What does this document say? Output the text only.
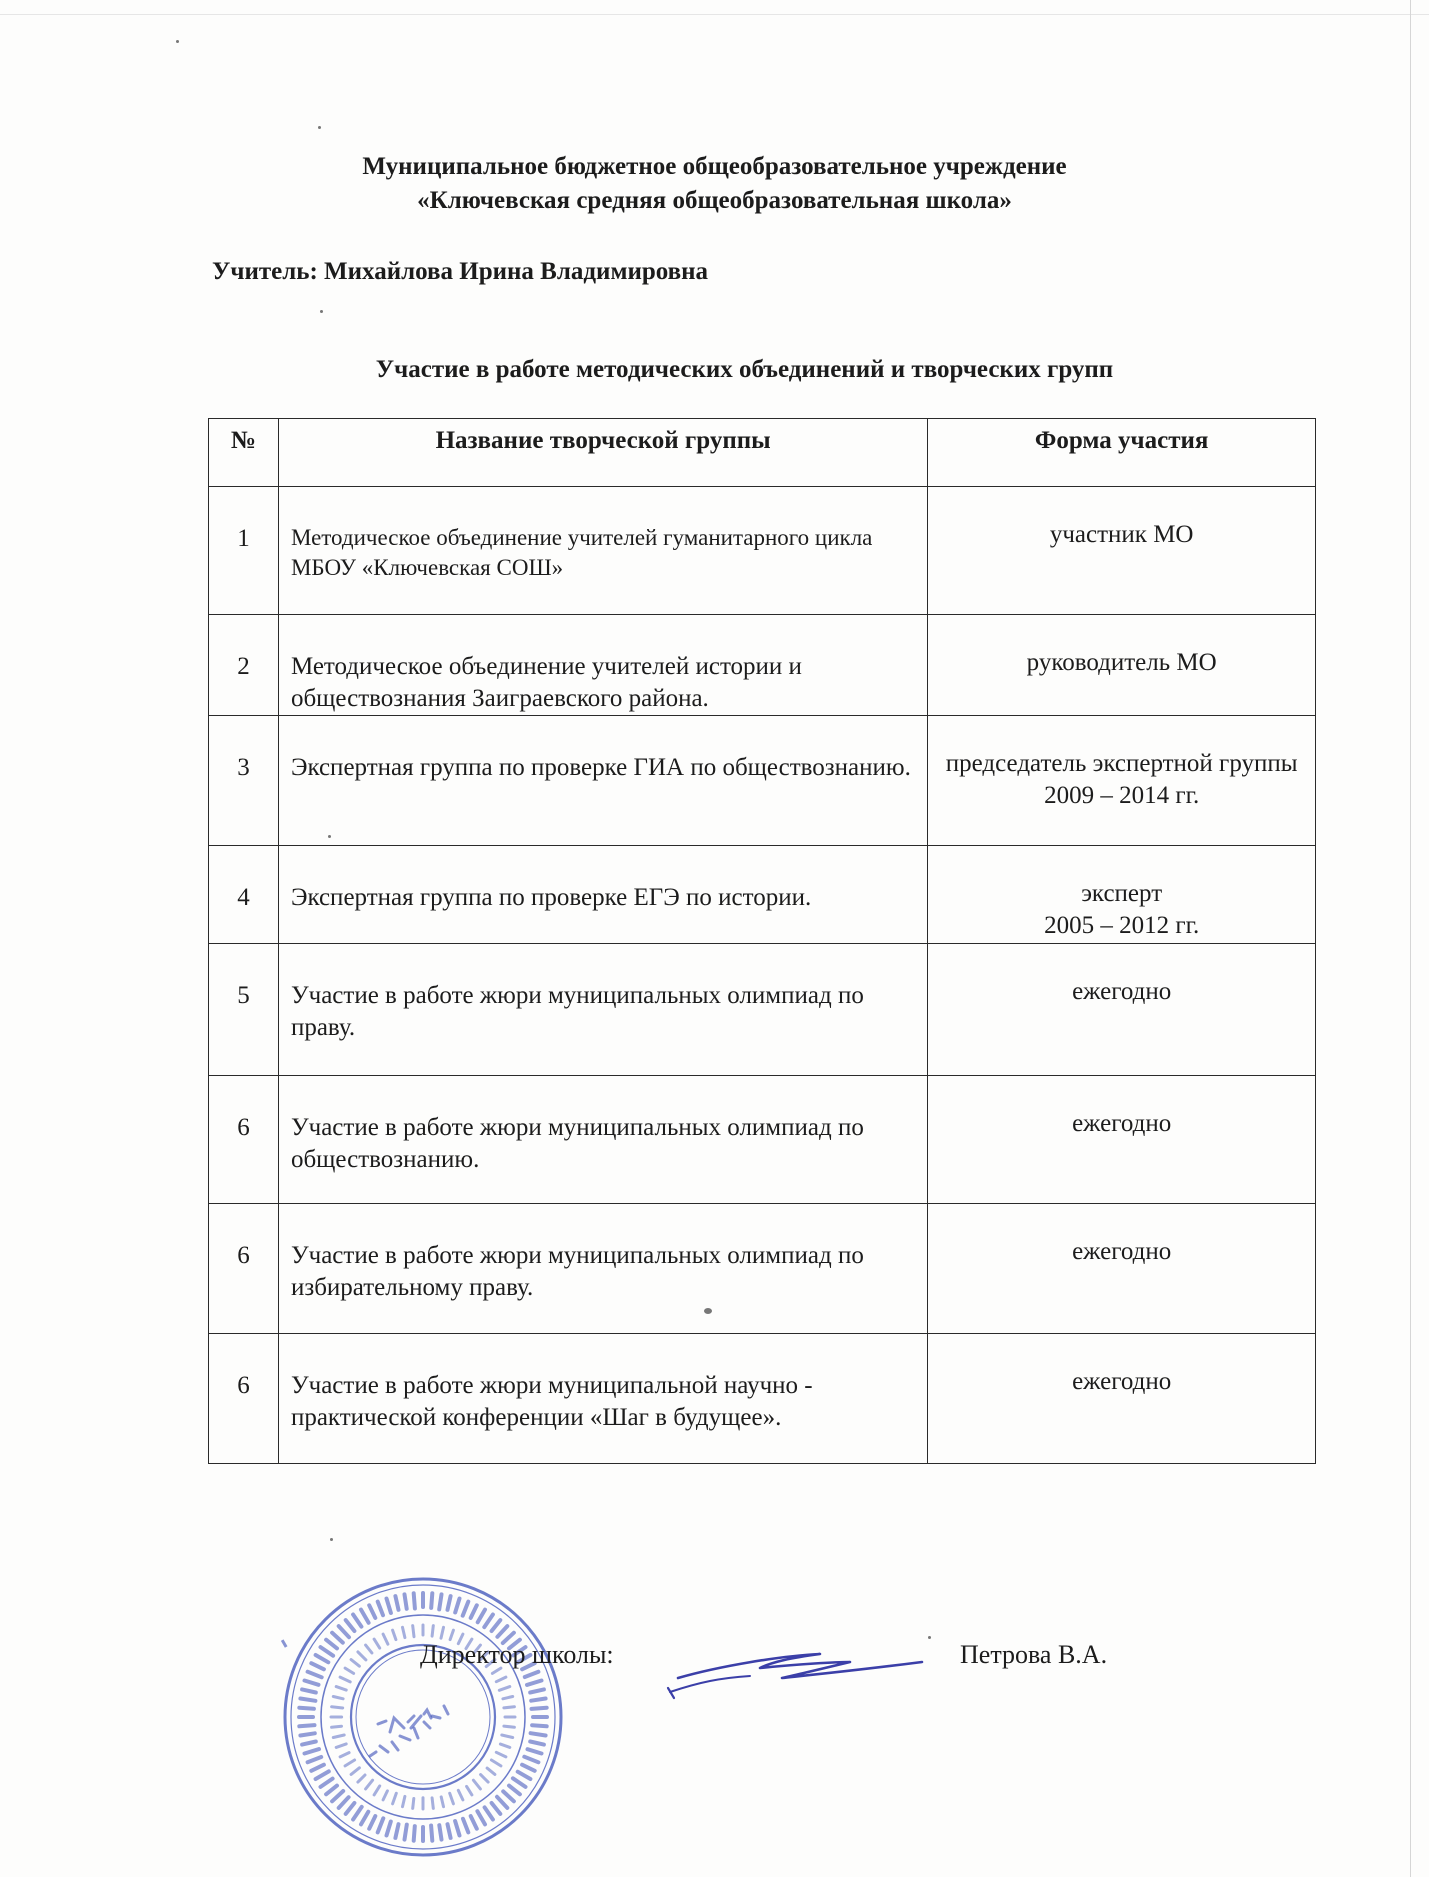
Муниципальное бюджетное общеобразовательное учреждение
«Ключевская средняя общеобразовательная школа»
Учитель: Михайлова Ирина Владимировна
Участие в работе методических объединений и творческих групп
№	Название творческой группы	Форма участия
1	Методическое объединение учителей гуманитарного цикла МБОУ «Ключевская СОШ»	участник МО

2	Методическое объединение учителей истории и обществознания Заиграевского района.	руководитель МО

3	Экспертная группа по проверке ГИА по обществознанию.	председатель экспертной группы
2009 – 2014 гг.

4	Экспертная группа по проверке ЕГЭ по истории.	эксперт
2005 – 2012 гг.

5	Участие в работе жюри муниципальных олимпиад по праву.	ежегодно

6	Участие в работе жюри муниципальных олимпиад по обществознанию.	ежегодно

6	Участие в работе жюри муниципальных олимпиад по избирательному праву.	ежегодно

6	Участие в работе жюри муниципальной научно - практической конференции «Шаг в будущее».	ежегодно
Директор школы:	Петрова В.А.
